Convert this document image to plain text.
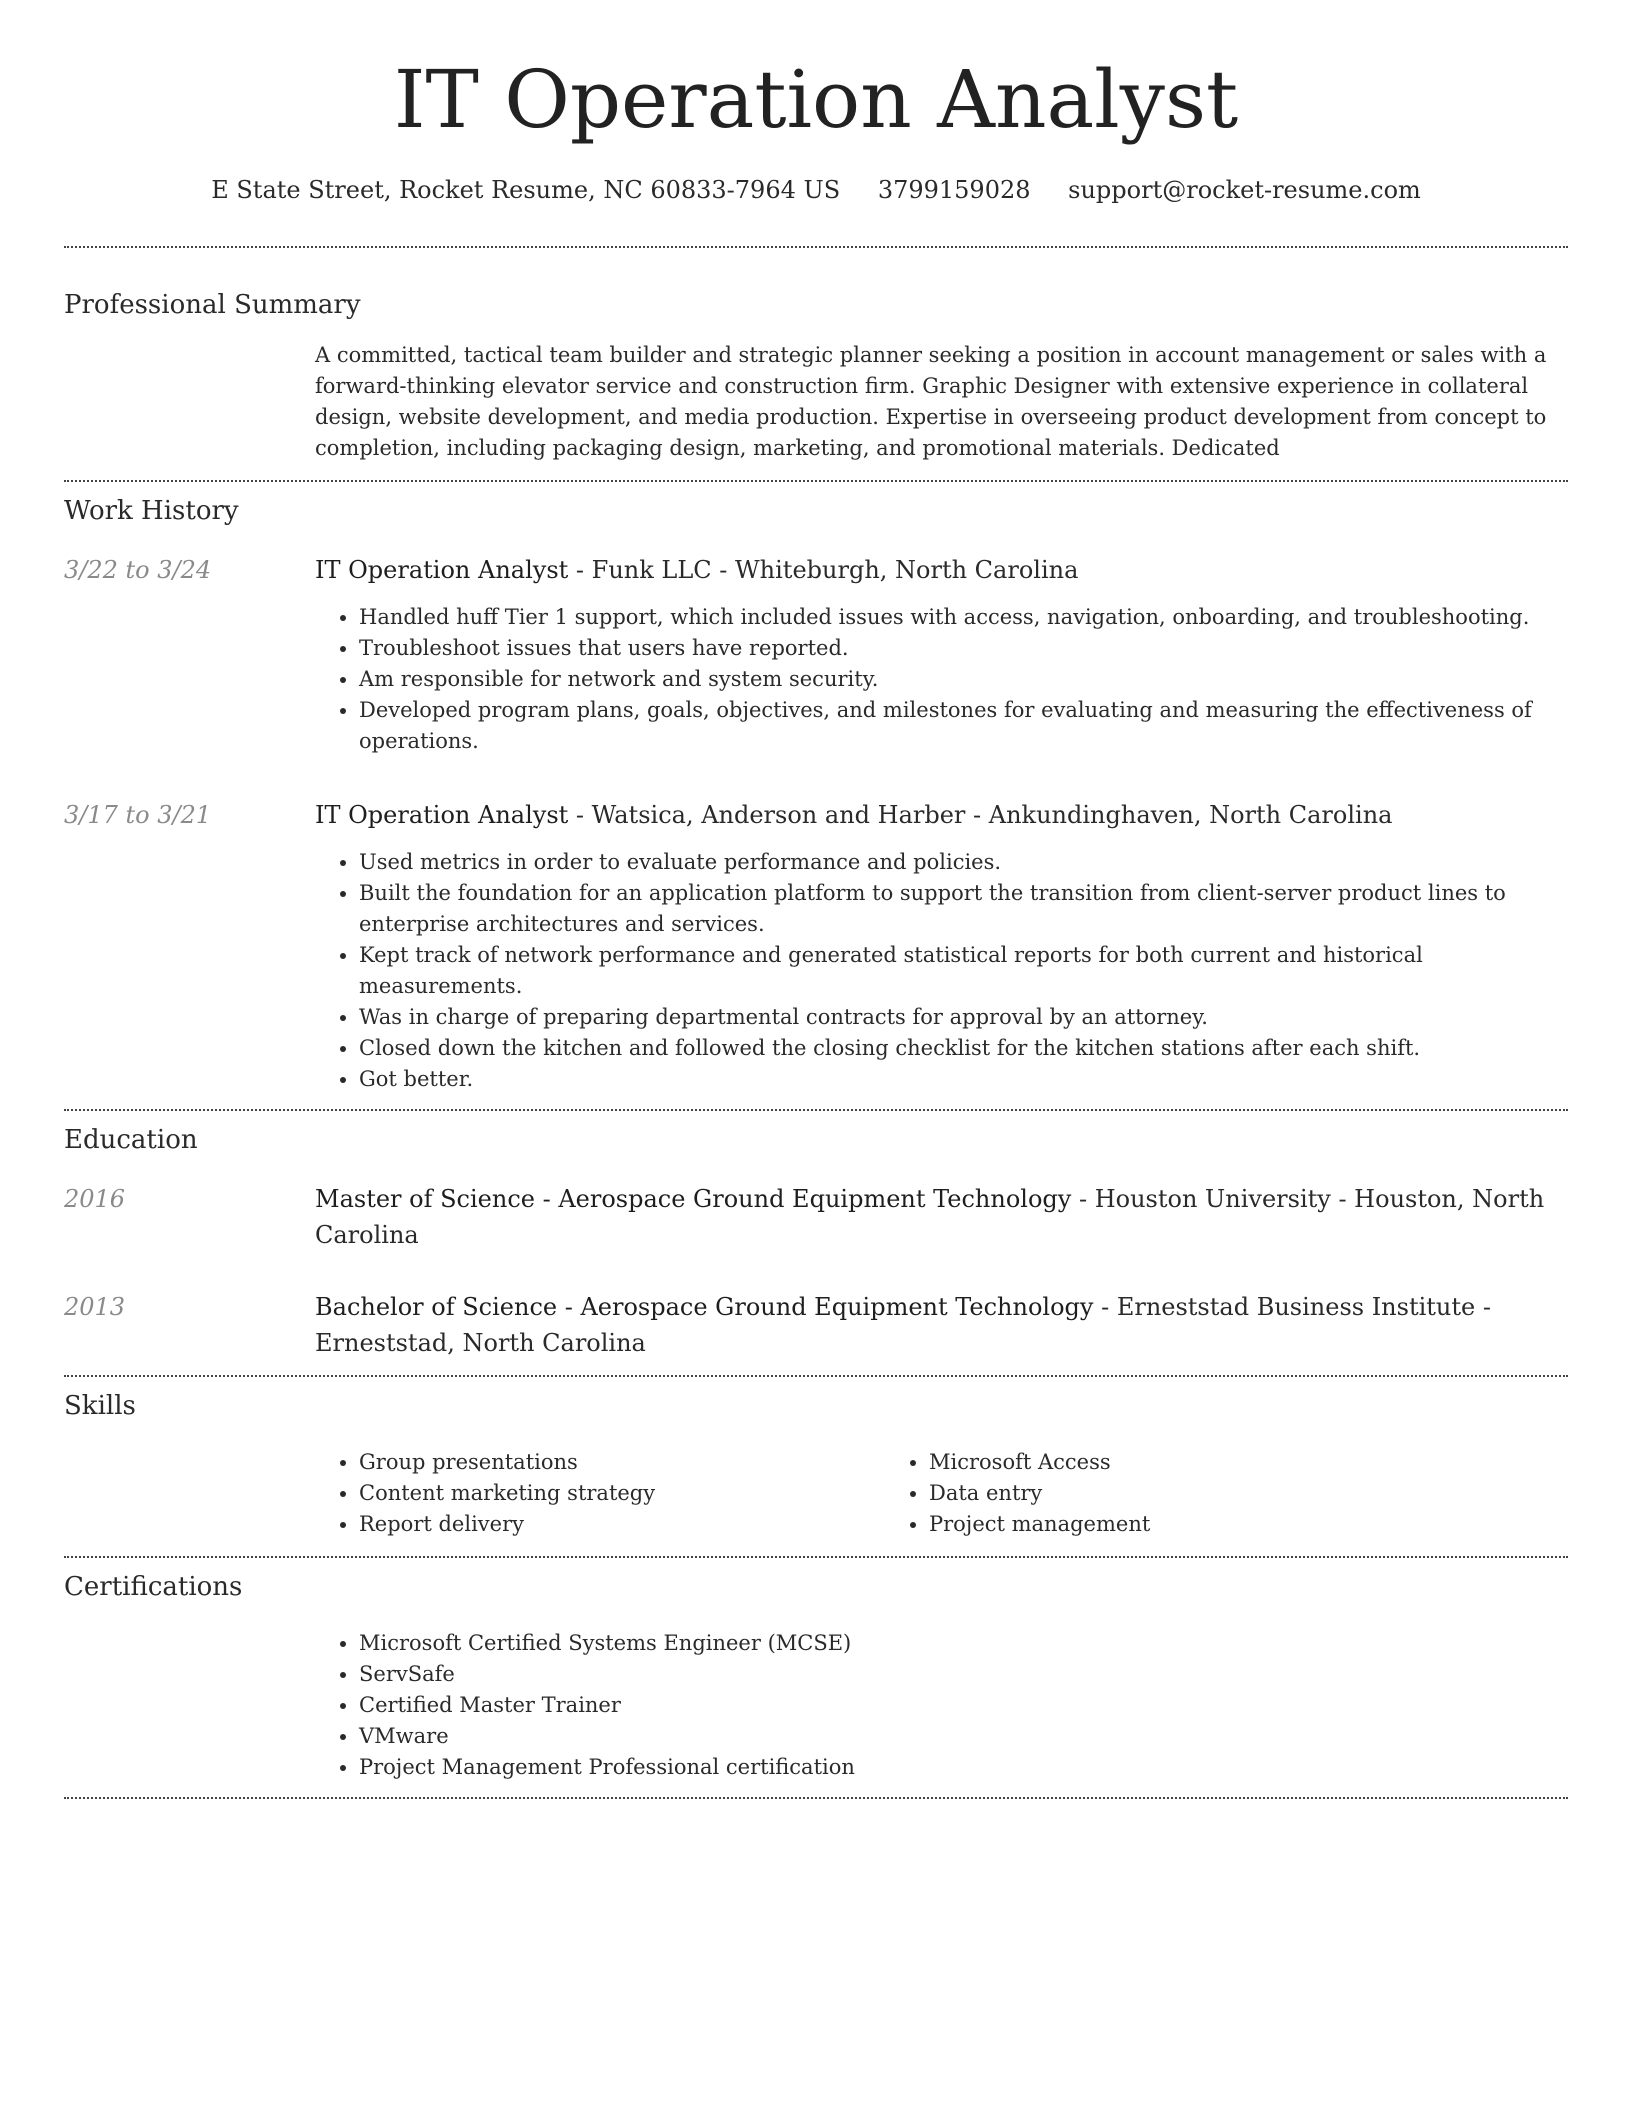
IT Operation Analyst
E State Street, Rocket Resume, NC 60833-7964 US 3799159028 support@rocket-resume.com
Professional Summary
A committed, tactical team builder and strategic planner seeking a position in account management or sales with a forward-thinking elevator service and construction firm. Graphic Designer with extensive experience in collateral design, website development, and media production. Expertise in overseeing product development from concept to completion, including packaging design, marketing, and promotional materials. Dedicated
Work History
3/22 to 3/24	IT Operation Analyst - Funk LLC - Whiteburgh, North Carolina
• Handled huff Tier 1 support, which included issues with access, navigation, onboarding, and troubleshooting.
• Troubleshoot issues that users have reported.
• Am responsible for network and system security.
• Developed program plans, goals, objectives, and milestones for evaluating and measuring the effectiveness of operations.
3/17 to 3/21	IT Operation Analyst - Watsica, Anderson and Harber - Ankundinghaven, North Carolina
• Used metrics in order to evaluate performance and policies.
• Built the foundation for an application platform to support the transition from client-server product lines to enterprise architectures and services.
• Kept track of network performance and generated statistical reports for both current and historical measurements.
• Was in charge of preparing departmental contracts for approval by an attorney.
• Closed down the kitchen and followed the closing checklist for the kitchen stations after each shift.
• Got better.
Education
2016	Master of Science - Aerospace Ground Equipment Technology - Houston University - Houston, North Carolina
2013	Bachelor of Science - Aerospace Ground Equipment Technology - Erneststad Business Institute - Erneststad, North Carolina
Skills
• Group presentations
• Content marketing strategy
• Report delivery
• Microsoft Access
• Data entry
• Project management
Certifications
• Microsoft Certified Systems Engineer (MCSE)
• ServSafe
• Certified Master Trainer
• VMware
• Project Management Professional certification
